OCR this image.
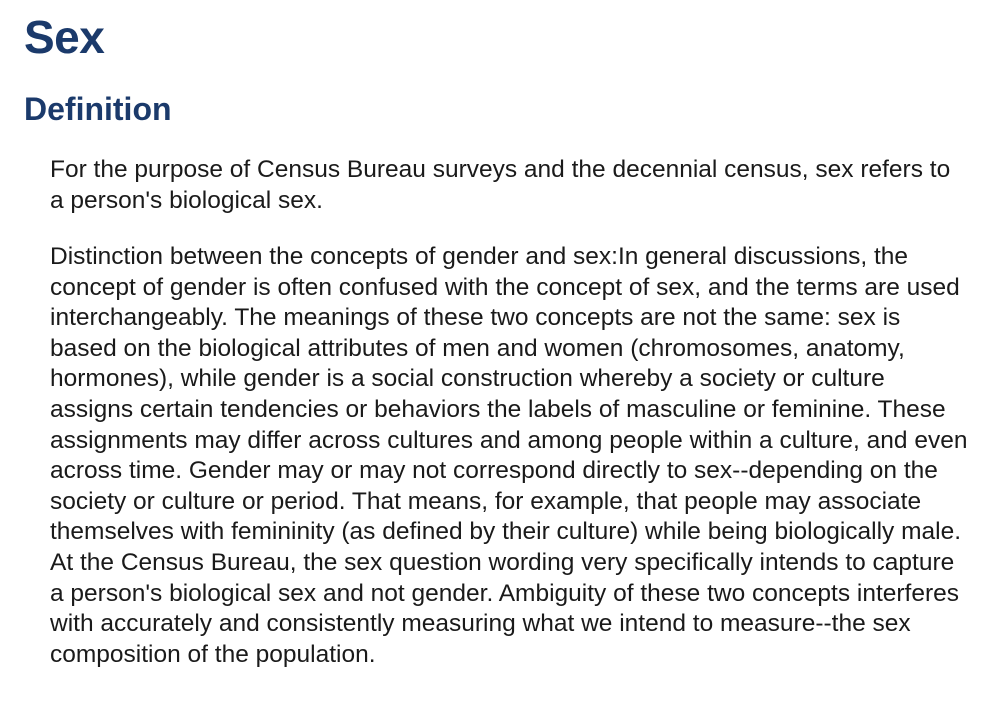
Sex
Definition

For the purpose of Census Bureau surveys and the decennial census, sex refers to a person's biological sex.

Distinction between the concepts of gender and sex:In general discussions, the concept of gender is often confused with the concept of sex, and the terms are used interchangeably. The meanings of these two concepts are not the same: sex is based on the biological attributes of men and women (chromosomes, anatomy, hormones), while gender is a social construction whereby a society or culture assigns certain tendencies or behaviors the labels of masculine or feminine. These assignments may differ across cultures and among people within a culture, and even across time. Gender may or may not correspond directly to sex--depending on the society or culture or period. That means, for example, that people may associate themselves with femininity (as defined by their culture) while being biologically male. At the Census Bureau, the sex question wording very specifically intends to capture a person's biological sex and not gender. Ambiguity of these two concepts interferes with accurately and consistently measuring what we intend to measure--the sex composition of the population.
